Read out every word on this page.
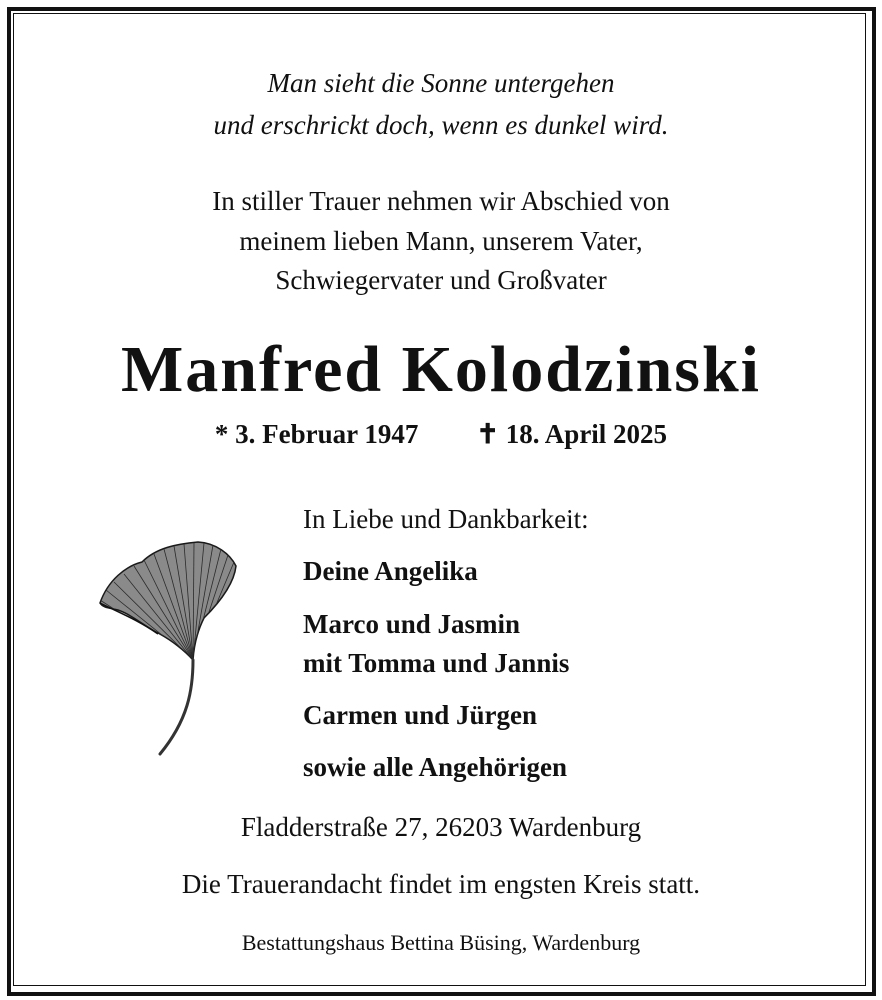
Man sieht die Sonne untergehen
und erschrickt doch, wenn es dunkel wird.
In stiller Trauer nehmen wir Abschied von
meinem lieben Mann, unserem Vater,
Schwiegervater und Großvater
Manfred Kolodzinski
* 3. Februar 1947 ✝ 18. April 2025
In Liebe und Dankbarkeit:
Deine Angelika
Marco und Jasmin
mit Tomma und Jannis
Carmen und Jürgen
sowie alle Angehörigen
Fladderstraße 27, 26203 Wardenburg
Die Trauerandacht findet im engsten Kreis statt.
Bestattungshaus Bettina Büsing, Wardenburg
